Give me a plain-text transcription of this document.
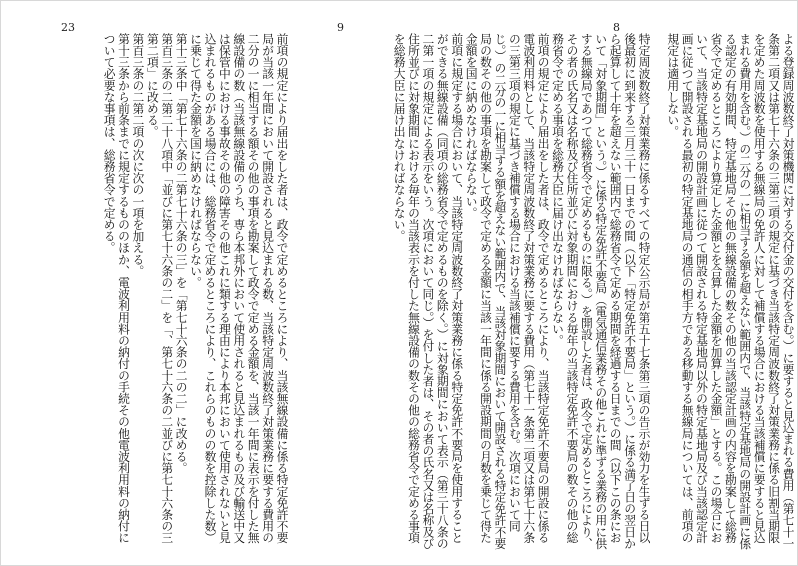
23	9	8

よる登録周波数終了対策機関に対する交付金の交付を含む。）に要すると見込まれる費用（第七十一条第二項又は第七十六条の三第三項の規定に基づき当該特定周波数終了対策業務に係る旧割当期限を定めた周波数を使用する無線局の免許人に対して補償する場合における当該補償に要すると見込まれる費用を含む。）の二分の一に相当する額を超えない範囲内で、当該特定基地局の開設計画に係る認定の有効期間、特定基地局その他の無線設備の数その他の当該認定計画の内容を勘案して総務省令で定めるところにより算定した金額とを合算した金額を加算した金額」とする。この場合において、当該特定基地局の開設計画に従つて開設される特定基地局以外の特定基地局及び当該認定計画に従つて開設される最初の特定基地局の通信の相手方である移動する無線局については、前項の規定は適用しない。

特定周波数終了対策業務に係るすべての特定公示局が第五十七条第三項の告示が効力を生ずる日以後最初に到来する三月三十一日までの間（以下「特定免許不要局」という。）に係る満了日の翌日から起算して十年を超えない範囲内で総務省令で定める期間を経過する日までの間（以下この条において「対象期間」という。）に係る特定免許不要局（電気通信業務その他これに準ずる業務の用に供する無線局であつて総務省令で定めるものに限る。）を開設した者は、政令で定めるところにより、その者の氏名又は名称及び住所並びに対象期間における毎年の当該特定免許不要局の数その他の総務省令で定める事項を総務大臣に届け出なければならない。

前項の規定により届出をした者は、政令で定めるところにより、当該特定免許不要局の開設に係る電波利用料として、当該特定周波数終了対策業務に要する費用（第七十一条第二項又は第七十六条の三第三項の規定に基づき補償する場合における当該補償に要する費用を含む。次項において同じ。）の二分の一に相当する額を超えない範囲内で、当該対象期間において開設される特定免許不要局の数その他の事項を勘案して政令で定める金額に当該一年間に係る開設期間の月数を乗じて得た金額を国に納めなければならない。

前項に規定する場合において、当該特定周波数終了対策業務に係る特定免許不要局を使用することができる無線設備（同項の総務省令で定めるものを除く。）に対象期間において表示（第三十八条の二第一項の規定による表示をいう。次項において同じ。）を付した者は、その者の氏名又は名称及び住所並びに対象期間における毎年の当該表示を付した無線設備の数その他の総務省令で定める事項を総務大臣に届け出なければならない。

前項の規定により届出をした者は、政令で定めるところにより、当該無線設備に係る特定免許不要局が当該一年間において開設されると見込まれる数、当該特定周波数終了対策業務に要する費用の二分の一に相当する額その他の事項を勘案して政令で定める金額を、当該一年間に表示を付した無線設備の数（当該無線設備のうち、専ら本邦外において使用されると見込まれるもの及び輸送中又は保管中における事故その他の障害その他これに類する理由により本邦において使用されないと見込まれるものがある場合には、総務省令で定めるところにより、これらのものの数を控除した数）に乗じて得た金額を国に納めなければならない。

第十三条中「第七十六条の二第七十六条の三」を「第七十六条の二の二」に改める。

第百三条の二第二十八項中「並びに第七十六条の二」を「、第七十六条の二並びに第七十六条の三第二項」に改める。

第百三条の二第二項の次に次の一項を加える。

第十三条から前条までに規定するもののほか、電波利用料の納付の手続その他電波利用料の納付について必要な事項は、総務省令で定める。
